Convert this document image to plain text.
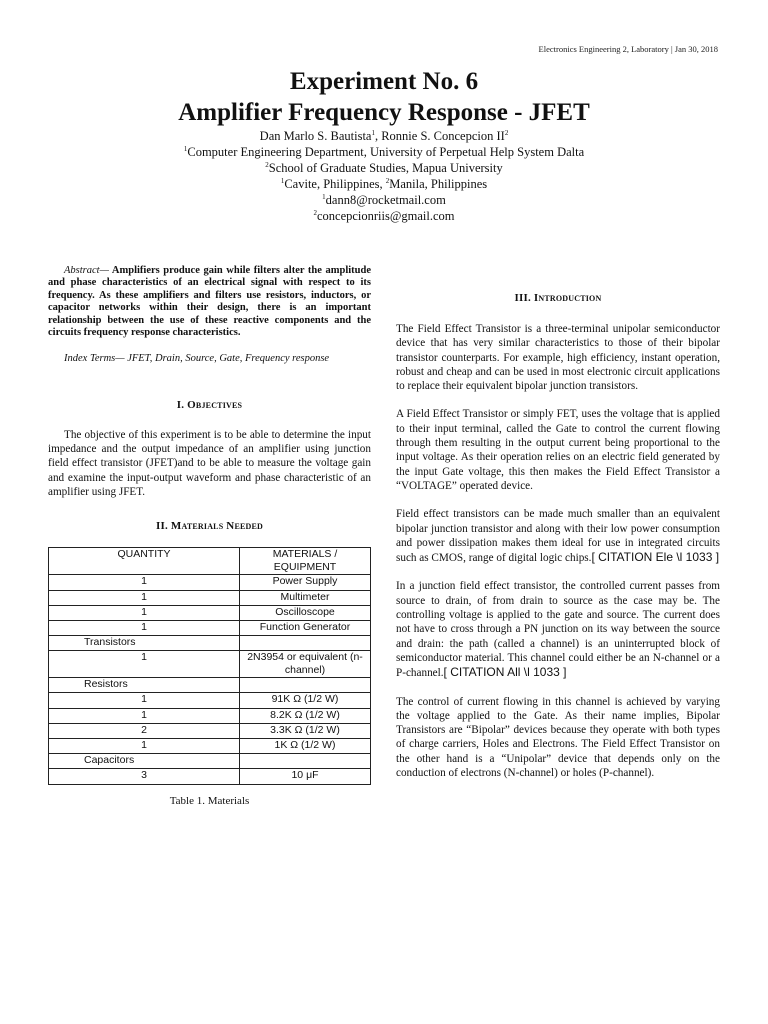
Electronics Engineering 2, Laboratory | Jan 30, 2018
Experiment No. 6
Amplifier Frequency Response - JFET
Dan Marlo S. Bautista$^1$, Ronnie S. Concepcion $II^2$
$^1$Computer Engineering Department, University of Perpetual Help System Dalta
$^2$School of Graduate Studies, Mapua University
$^1$Cavite, Philippines, $^2$Manila, Philippines
$^1$dann8@rocketmail.com
$^2$concepcionriis@gmail.com

Abstract— Amplifiers produce gain while filters alter the amplitude and phase characteristics of an electrical signal with respect to its frequency. As these amplifiers and filters use resistors, inductors, or capacitor networks within their design, there is an important relationship between the use of these reactive components and the circuits frequency response characteristics.

Index Terms— JFET, Drain, Source, Gate, Frequency response

I. Objectives

The objective of this experiment is to be able to determine the input impedance and the output impedance of an amplifier using junction field effect transistor (JFET)and to be able to measure the voltage gain and examine the input-output waveform and phase characteristic of an amplifier using JFET.

II. Materials Needed
QUANTITY	MATERIALS / EQUIPMENT
1	Power Supply
1	Multimeter
1	Oscilloscope
1	Function Generator
Transistors	
1	2N3954 or equivalent (n-channel)
Resistors	
1	91K Ω (1/2 W)
1	8.2K Ω (1/2 W)
2	3.3K Ω (1/2 W)
1	1K Ω (1/2 W)
Capacitors	
3	10 μF
Table 1. Materials
III. Introduction

The Field Effect Transistor is a three-terminal unipolar semiconductor device that has very similar characteristics to those of their bipolar transistor counterparts. For example, high efficiency, instant operation, robust and cheap and can be used in most electronic circuit applications to replace their equivalent bipolar junction transistors.

A Field Effect Transistor or simply FET, uses the voltage that is applied to their input terminal, called the Gate to control the current flowing through them resulting in the output current being proportional to the input voltage. As their operation relies on an electric field generated by the input Gate voltage, this then makes the Field Effect Transistor a “VOLTAGE” operated device.

Field effect transistors can be made much smaller than an equivalent bipolar junction transistor and along with their low power consumption and power dissipation makes them ideal for use in integrated circuits such as CMOS, range of digital logic chips.[ CITATION Ele \l 1033 ]

In a junction field effect transistor, the controlled current passes from source to drain, of from drain to source as the case may be. The controlling voltage is applied to the gate and source. The current does not have to cross through a PN junction on its way between the source and drain: the path (called a channel) is an uninterrupted block of semiconductor material. This channel could either be an N-channel or a P-channel.[ CITATION All \l 1033 ]

The control of current flowing in this channel is achieved by varying the voltage applied to the Gate. As their name implies, Bipolar Transistors are “Bipolar” devices because they operate with both types of charge carriers, Holes and Electrons. The Field Effect Transistor on the other hand is a “Unipolar” device that depends only on the conduction of electrons (N-channel) or holes (P-channel).
